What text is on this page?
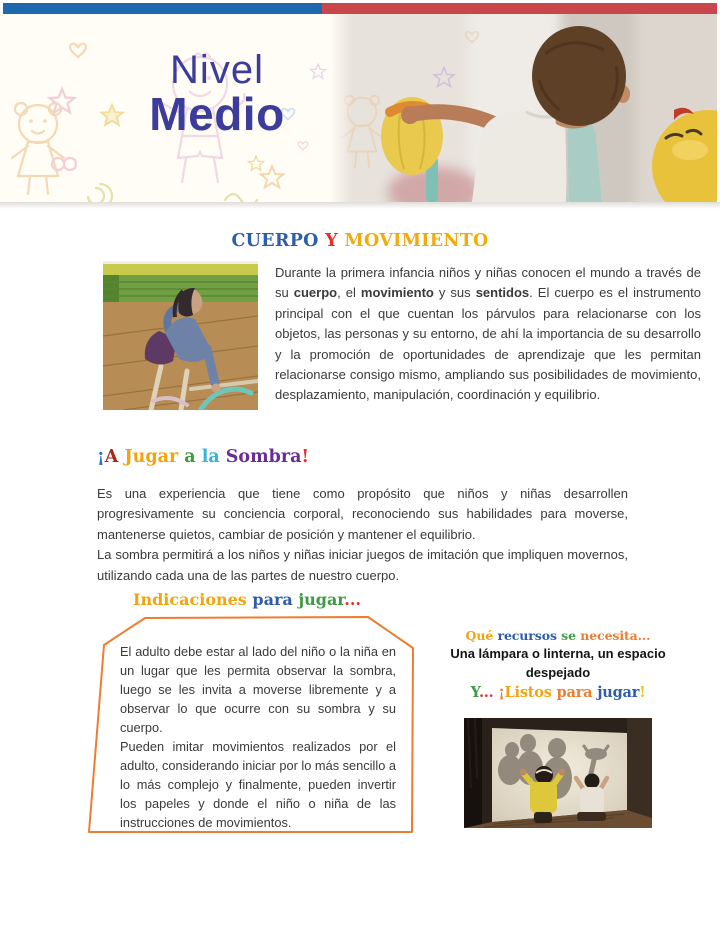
Nivel
Medio
CUERPO Y MOVIMIENTO

Durante la primera infancia niños y niñas conocen el mundo a través de su cuerpo, el movimiento y sus sentidos. El cuerpo es el instrumento principal con el que cuentan los párvulos para relacionarse con los objetos, las personas y su entorno, de ahí la importancia de su desarrollo y la promoción de oportunidades de aprendizaje que les permitan relacionarse consigo mismo, ampliando sus posibilidades de movimiento, desplazamiento, manipulación, coordinación y equilibrio.

¡A Jugar a la Sombra!

Es una experiencia que tiene como propósito que niños y niñas desarrollen progresivamente su conciencia corporal, reconociendo sus habilidades para moverse, mantenerse quietos, cambiar de posición y mantener el equilibrio.

La sombra permitirá a los niños y niñas iniciar juegos de imitación que impliquen movernos, utilizando cada una de las partes de nuestro cuerpo.

Indicaciones para jugar...

El adulto debe estar al lado del niño o la niña en un lugar que les permita observar la sombra, luego se les invita a moverse libremente y a observar lo que ocurre con su sombra y su cuerpo.

Pueden imitar movimientos realizados por el adulto, considerando iniciar por lo más sencillo a lo más complejo y finalmente, pueden invertir los papeles y donde el niño o niña de las instrucciones de movimientos.

Qué recursos se necesita...

Una lámpara o linterna, un espacio despejado

Y... ¡Listos para jugar!
